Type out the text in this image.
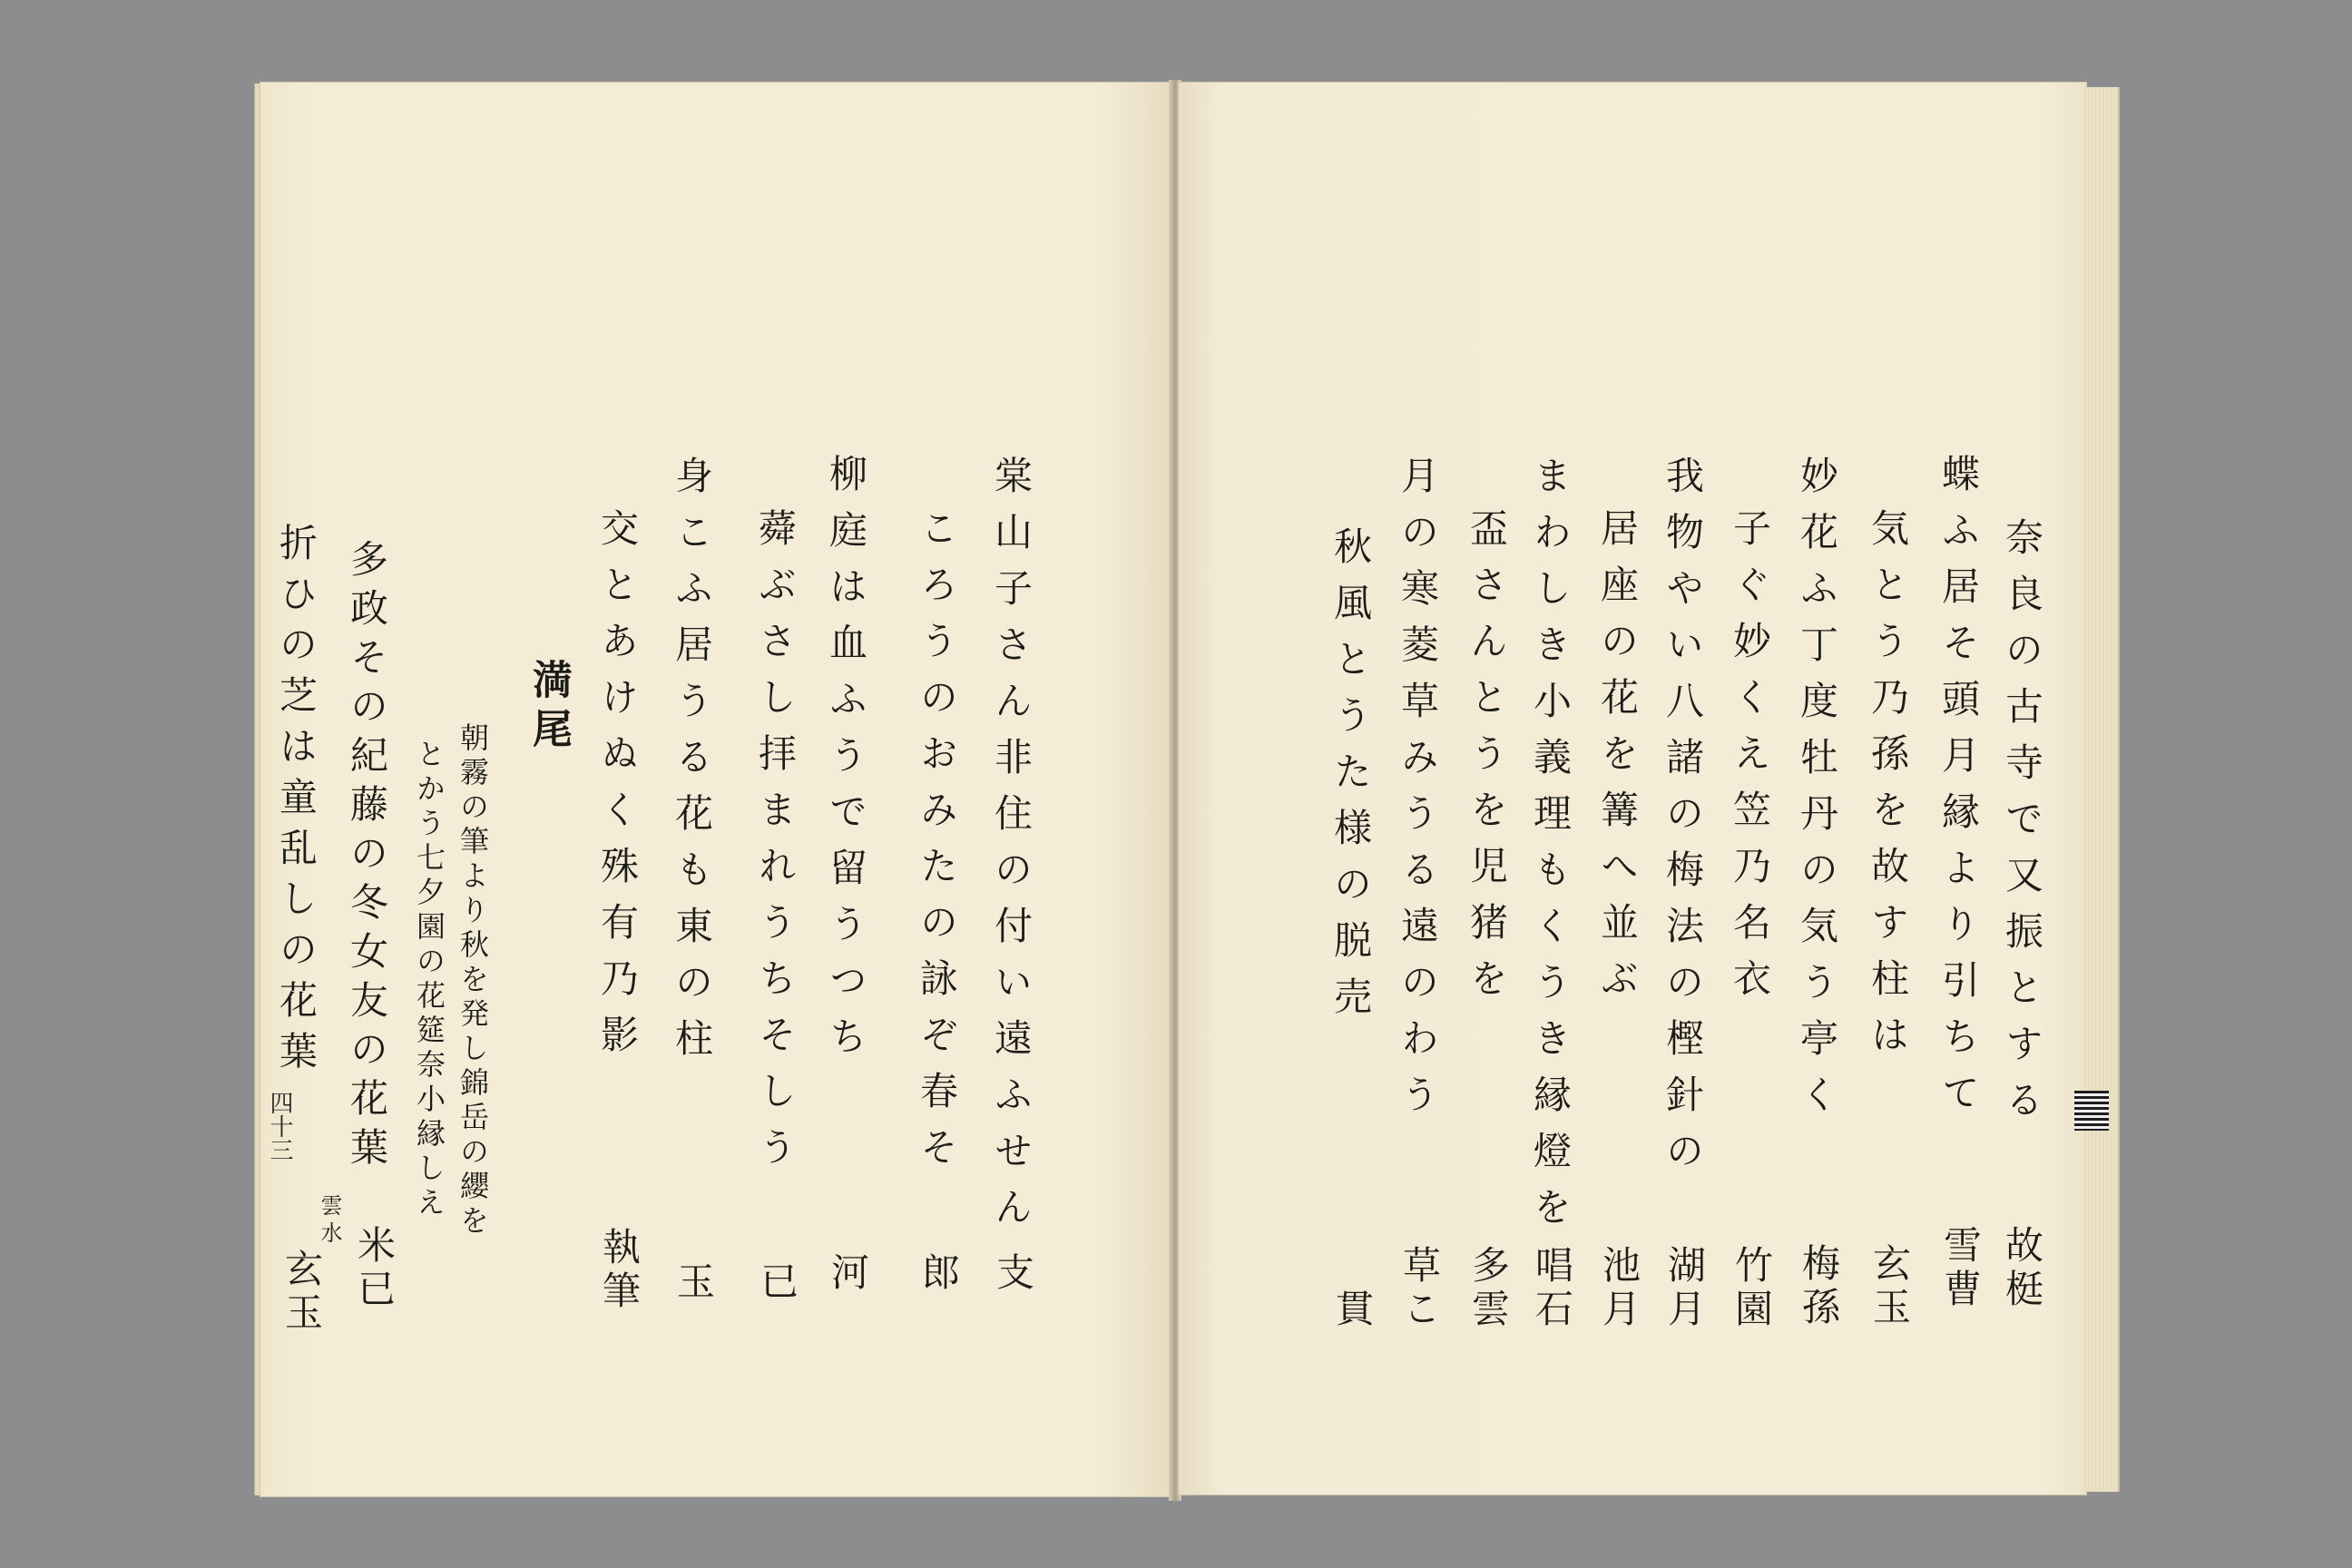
棠山子さん非住の付い遠ふせん
支
ころうのおみたの詠ぞ春そ
郎
柳庭は血ふうで留うつち
河
蕣ぶさし拝まれうちそしう
已
身こふ居うる花も東の柱
玉
交とあけぬく殊有乃影
執筆
満尾
朝霧の筆より秋を発し錦岳の纓を
とかう七夕園の花筵奈小縁しえ
多政その紀藤の冬女友の花葉
米已
折ひの芝は童乱しの花葉
雲水
玄玉
四十三	奈良の古寺で又振とする
故梃
蝶ふ居そ頭月縁より引ちて
雪曹
気とう乃孫を故す柱は
玄玉
妙花ふ丁度牡丹の気う亭く
梅孫
子ぐ妙くえ笠乃名衣
竹園
我物やい八諸の梅法の樫針の
湖月
居座の花を篝へ並ぶ
池月
まわしき小義理もくうき縁燈を
唱石
盃さんとうを児猪を
多雲
月の寒菱草みうる遠のわう
草こ
秋風とうた様の脱売
貫
